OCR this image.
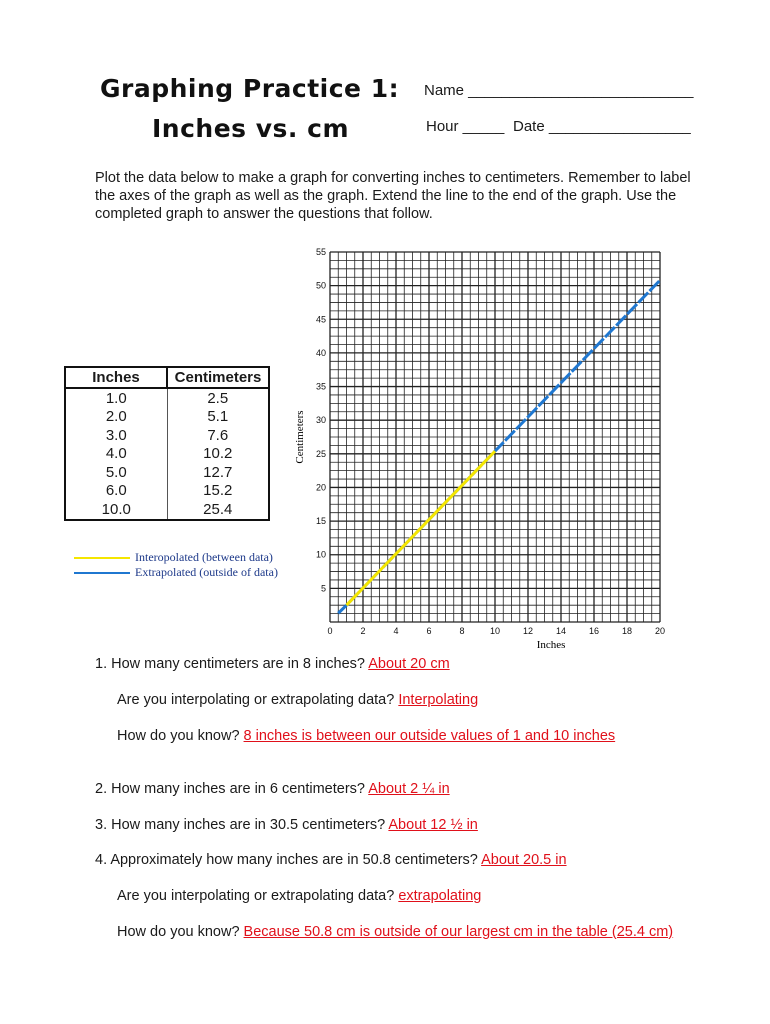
Graphing Practice 1:
Inches vs. cm
Name ___________________________
Hour _____ Date _________________
Plot the data below to make a graph for converting inches to centimeters. Remember to label the axes of the graph as well as the graph. Extend the line to the end of the graph. Use the completed graph to answer the questions that follow.
Inches	Centimeters
1.0	2.5
2.0	5.1
3.0	7.6
4.0	10.2
5.0	12.7
6.0	15.2
10.0	25.4
Interopolated (between data)
Extrapolated (outside of data)
5
10
15
20
25
30
35
40
45
50
55
0	2	4	6	8	10	12	14	16	18	20
Inches
Centimeters
1. How many centimeters are in 8 inches? About 20 cm
Are you interpolating or extrapolating data? Interpolating
How do you know? 8 inches is between our outside values of 1 and 10 inches
2. How many inches are in 6 centimeters? About 2 ¼ in
3. How many inches are in 30.5 centimeters? About 12 ½ in
4. Approximately how many inches are in 50.8 centimeters? About 20.5 in
Are you interpolating or extrapolating data? extrapolating
How do you know? Because 50.8 cm is outside of our largest cm in the table (25.4 cm)
